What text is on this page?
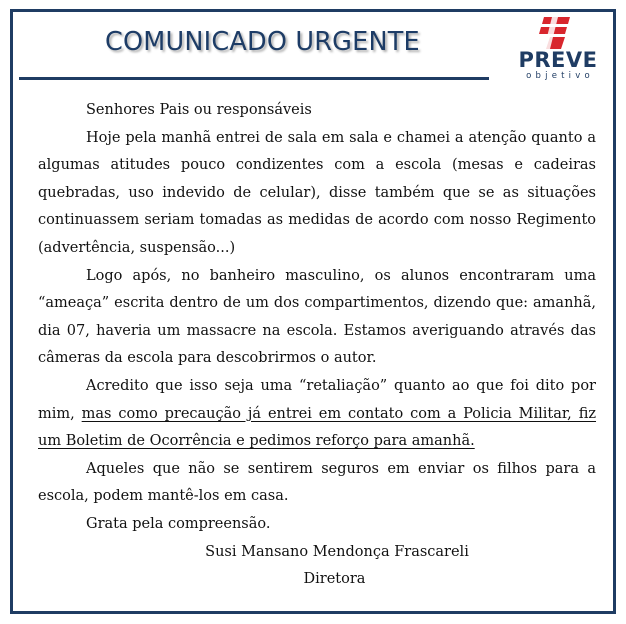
COMUNICADO URGENTE
PREVE
objetivo

Senhores Pais ou responsáveis

Hoje pela manhã entrei de sala em sala e chamei a atenção quanto a algumas atitudes pouco condizentes com a escola (mesas e cadeiras quebradas, uso indevido de celular), disse também que se as situações continuassem seriam tomadas as medidas de acordo com nosso Regimento (advertência, suspensão...)

Logo após, no banheiro masculino, os alunos encontraram uma “ameaça” escrita dentro de um dos compartimentos, dizendo que: amanhã, dia 07, haveria um massacre na escola. Estamos averiguando através das câmeras da escola para descobrirmos o autor.

Acredito que isso seja uma “retaliação” quanto ao que foi dito por mim, mas como precaução já entrei em contato com a Policia Militar, fiz um Boletim de Ocorrência e pedimos reforço para amanhã.

Aqueles que não se sentirem seguros em enviar os filhos para a escola, podem mantê-los em casa.

Grata pela compreensão.

Susi Mansano Mendonça Frascareli

Diretora
